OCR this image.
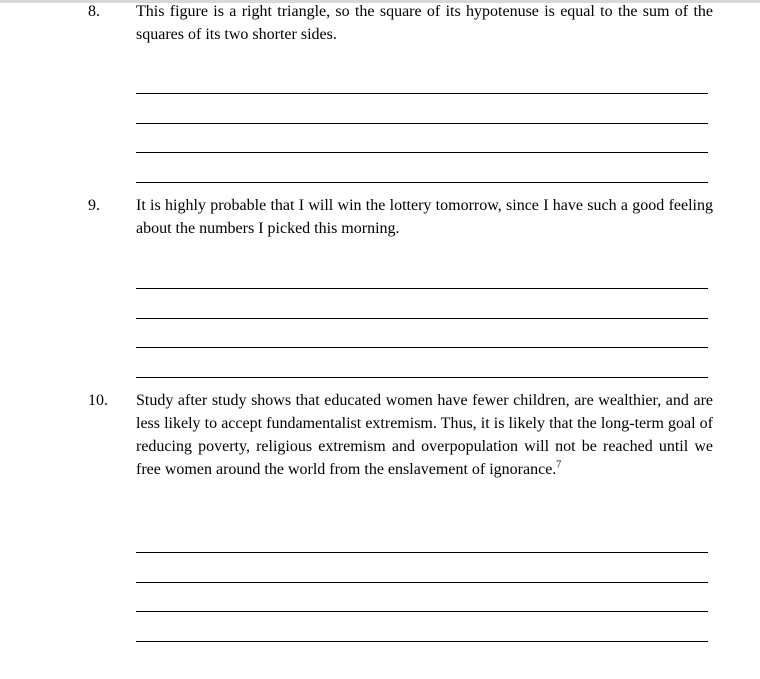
8. This figure is a right triangle, so the square of its hypotenuse is equal to the sum of the squares of its two shorter sides.
9. It is highly probable that I will win the lottery tomorrow, since I have such a good feeling about the numbers I picked this morning.
10. Study after study shows that educated women have fewer children, are wealthier, and are less likely to accept fundamentalist extremism. Thus, it is likely that the long-term goal of reducing poverty, religious extremism and overpopulation will not be reached until we free women around the world from the enslavement of ignorance.$^7$
